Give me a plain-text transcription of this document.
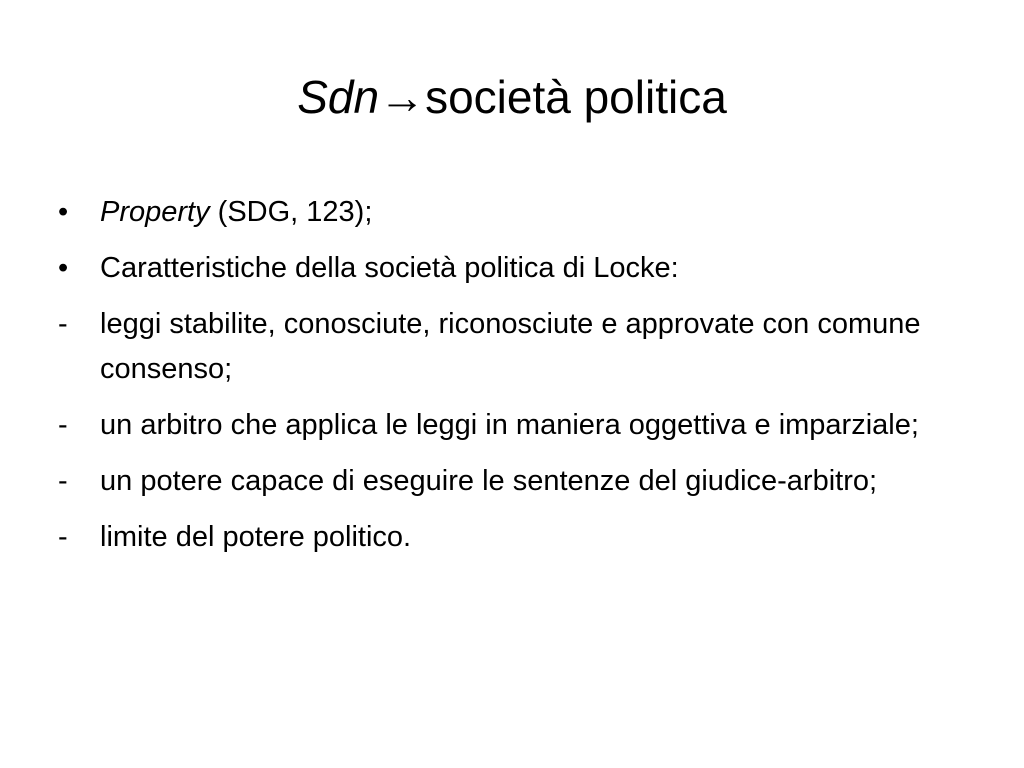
Sdn→società politica
•	Property (SDG, 123);
•	Caratteristiche della società politica di Locke:
-	leggi stabilite, conosciute, riconosciute e approvate con comune consenso;
-	un arbitro che applica le leggi in maniera oggettiva e imparziale;
-	un potere capace di eseguire le sentenze del giudice-arbitro;
-	limite del potere politico.
